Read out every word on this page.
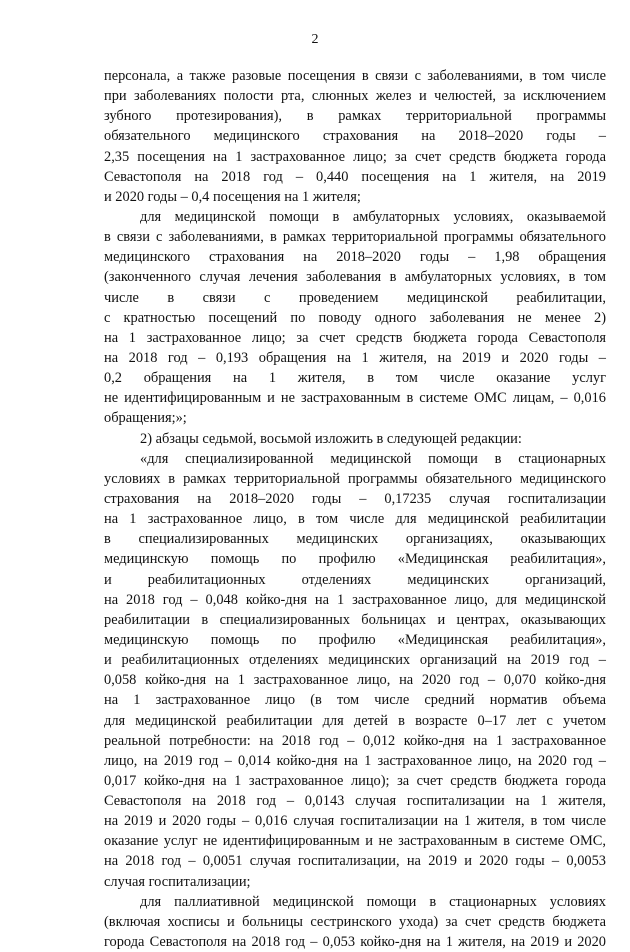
2
персонала, а также разовые посещения в связи с заболеваниями, в том числе
при заболеваниях полости рта, слюнных желез и челюстей, за исключением
зубного протезирования), в рамках территориальной программы
обязательного медицинского страхования на 2018–2020 годы –
2,35 посещения на 1 застрахованное лицо; за счет средств бюджета города
Севастополя на 2018 год – 0,440 посещения на 1 жителя, на 2019
и 2020 годы – 0,4 посещения на 1 жителя;
для медицинской помощи в амбулаторных условиях, оказываемой
в связи с заболеваниями, в рамках территориальной программы обязательного
медицинского страхования на 2018–2020 годы – 1,98 обращения
(законченного случая лечения заболевания в амбулаторных условиях, в том
числе в связи с проведением медицинской реабилитации,
с кратностью посещений по поводу одного заболевания не менее 2)
на 1 застрахованное лицо; за счет средств бюджета города Севастополя
на 2018 год – 0,193 обращения на 1 жителя, на 2019 и 2020 годы –
0,2 обращения на 1 жителя, в том числе оказание услуг
не идентифицированным и не застрахованным в системе ОМС лицам, – 0,016
обращения;»;
2) абзацы седьмой, восьмой изложить в следующей редакции:
«для специализированной медицинской помощи в стационарных
условиях в рамках территориальной программы обязательного медицинского
страхования на 2018–2020 годы – 0,17235 случая госпитализации
на 1 застрахованное лицо, в том числе для медицинской реабилитации
в специализированных медицинских организациях, оказывающих
медицинскую помощь по профилю «Медицинская реабилитация»,
и реабилитационных отделениях медицинских организаций,
на 2018 год – 0,048 койко-дня на 1 застрахованное лицо, для медицинской
реабилитации в специализированных больницах и центрах, оказывающих
медицинскую помощь по профилю «Медицинская реабилитация»,
и реабилитационных отделениях медицинских организаций на 2019 год –
0,058 койко-дня на 1 застрахованное лицо, на 2020 год – 0,070 койко-дня
на 1 застрахованное лицо (в том числе средний норматив объема
для медицинской реабилитации для детей в возрасте 0–17 лет с учетом
реальной потребности: на 2018 год – 0,012 койко-дня на 1 застрахованное
лицо, на 2019 год – 0,014 койко-дня на 1 застрахованное лицо, на 2020 год –
0,017 койко-дня на 1 застрахованное лицо); за счет средств бюджета города
Севастополя на 2018 год – 0,0143 случая госпитализации на 1 жителя,
на 2019 и 2020 годы – 0,016 случая госпитализации на 1 жителя, в том числе
оказание услуг не идентифицированным и не застрахованным в системе ОМС,
на 2018 год – 0,0051 случая госпитализации, на 2019 и 2020 годы – 0,0053
случая госпитализации;
для паллиативной медицинской помощи в стационарных условиях
(включая хосписы и больницы сестринского ухода) за счет средств бюджета
города Севастополя на 2018 год – 0,053 койко-дня на 1 жителя, на 2019 и 2020
